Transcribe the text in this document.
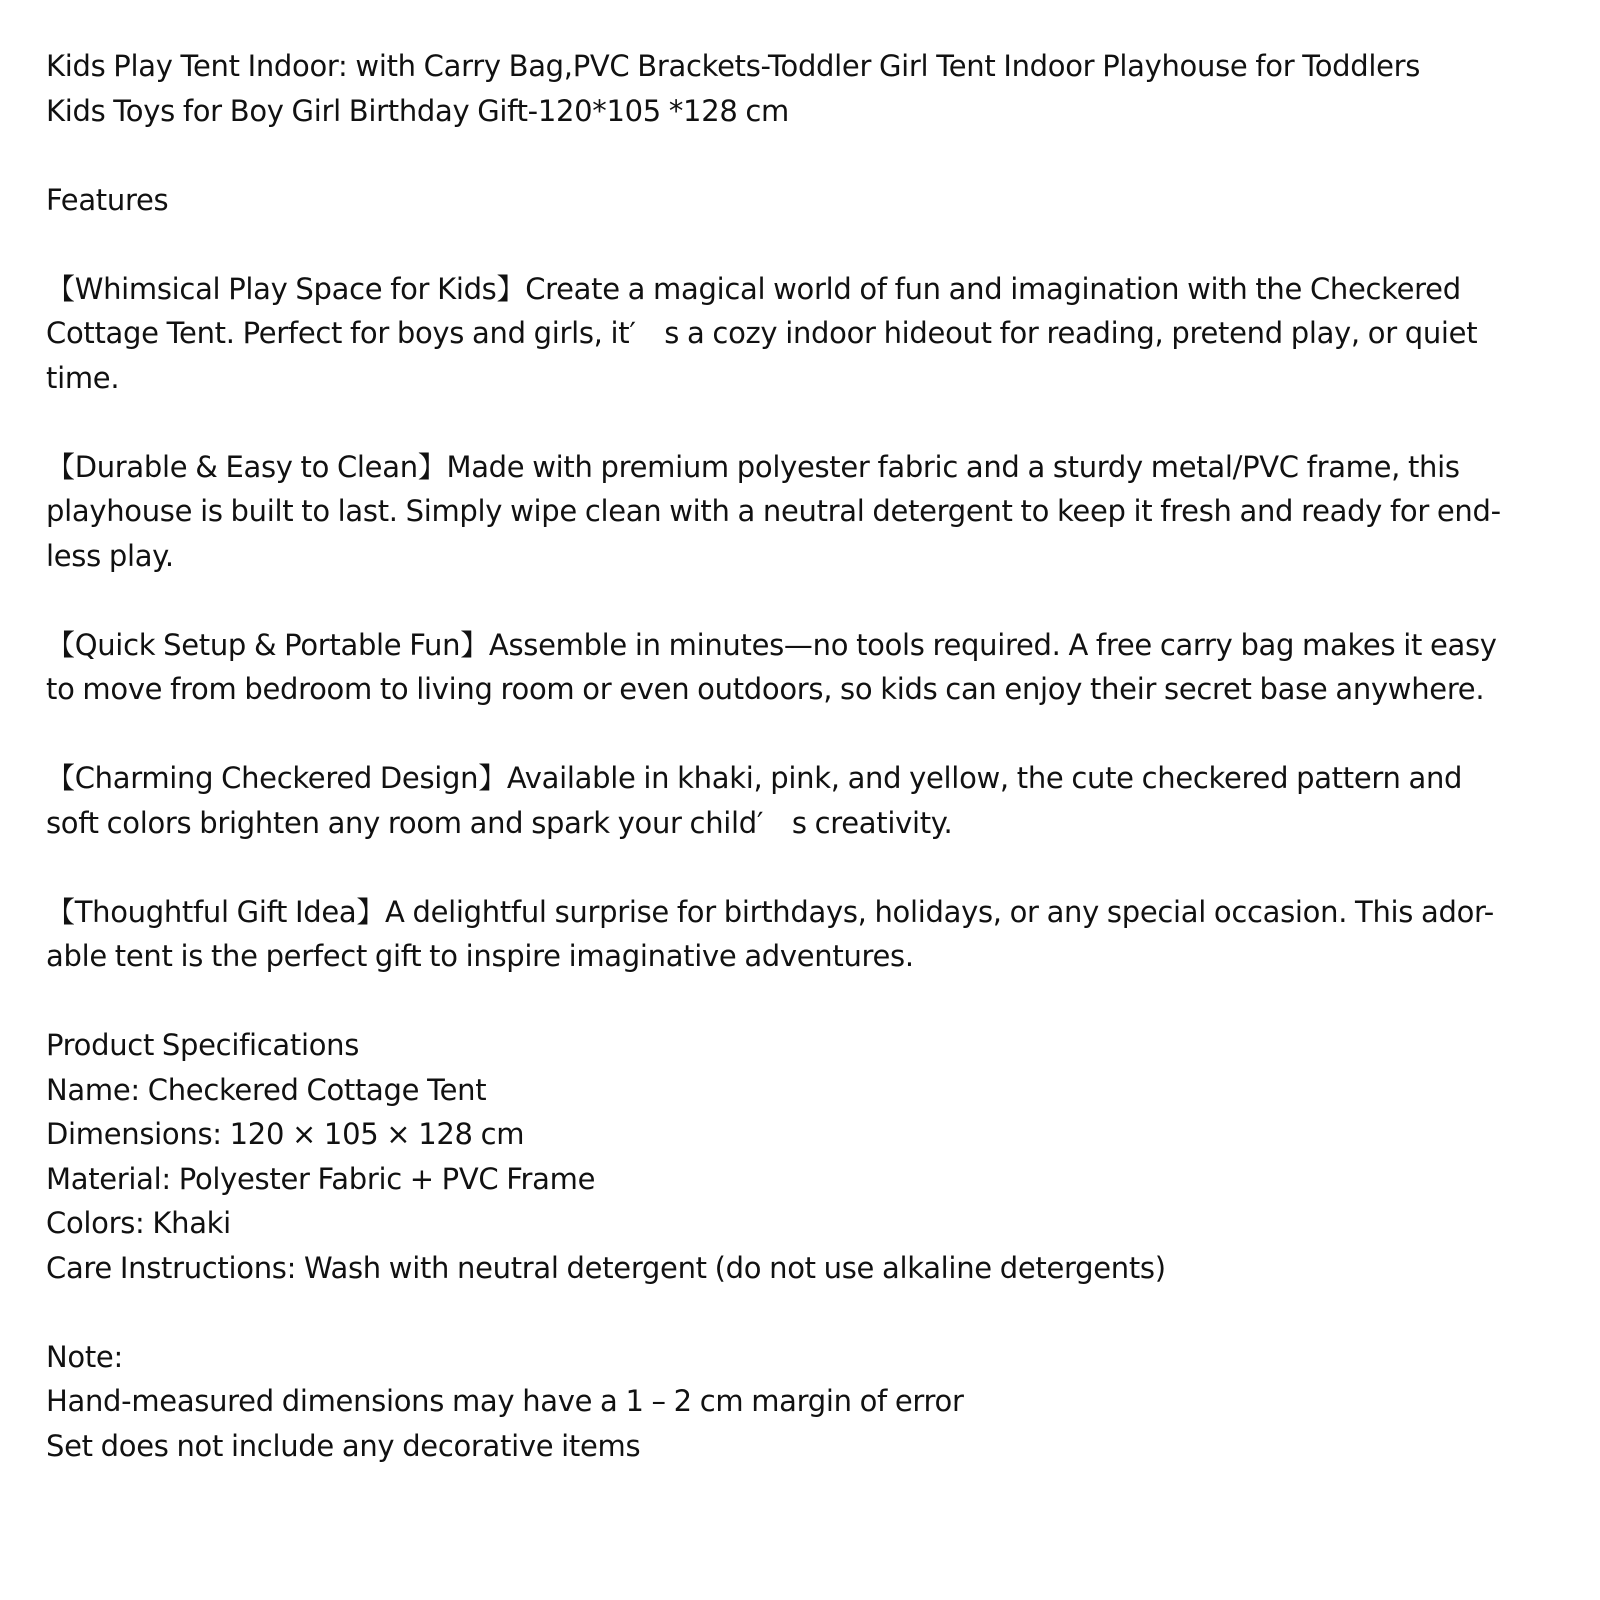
Kids Play Tent Indoor: with Carry Bag,PVC Brackets-Toddler Girl Tent Indoor Playhouse for Toddlers
Kids Toys for Boy Girl Birthday Gift-120*105 *128 cm
Features
【Whimsical Play Space for Kids】Create a magical world of fun and imagination with the Checkered
Cottage Tent. Perfect for boys and girls, it′　s a cozy indoor hideout for reading, pretend play, or quiet
time.
【Durable & Easy to Clean】Made with premium polyester fabric and a sturdy metal/PVC frame, this
playhouse is built to last. Simply wipe clean with a neutral detergent to keep it fresh and ready for end-
less play.
【Quick Setup & Portable Fun】Assemble in minutes—no tools required. A free carry bag makes it easy
to move from bedroom to living room or even outdoors, so kids can enjoy their secret base anywhere.
【Charming Checkered Design】Available in khaki, pink, and yellow, the cute checkered pattern and
soft colors brighten any room and spark your child′　s creativity.
【Thoughtful Gift Idea】A delightful surprise for birthdays, holidays, or any special occasion. This ador-
able tent is the perfect gift to inspire imaginative adventures.
Product Specifications
Name: Checkered Cottage Tent
Dimensions: 120 × 105 × 128 cm
Material: Polyester Fabric + PVC Frame
Colors: Khaki
Care Instructions: Wash with neutral detergent (do not use alkaline detergents)
Note:
Hand-measured dimensions may have a 1 – 2 cm margin of error
Set does not include any decorative items
